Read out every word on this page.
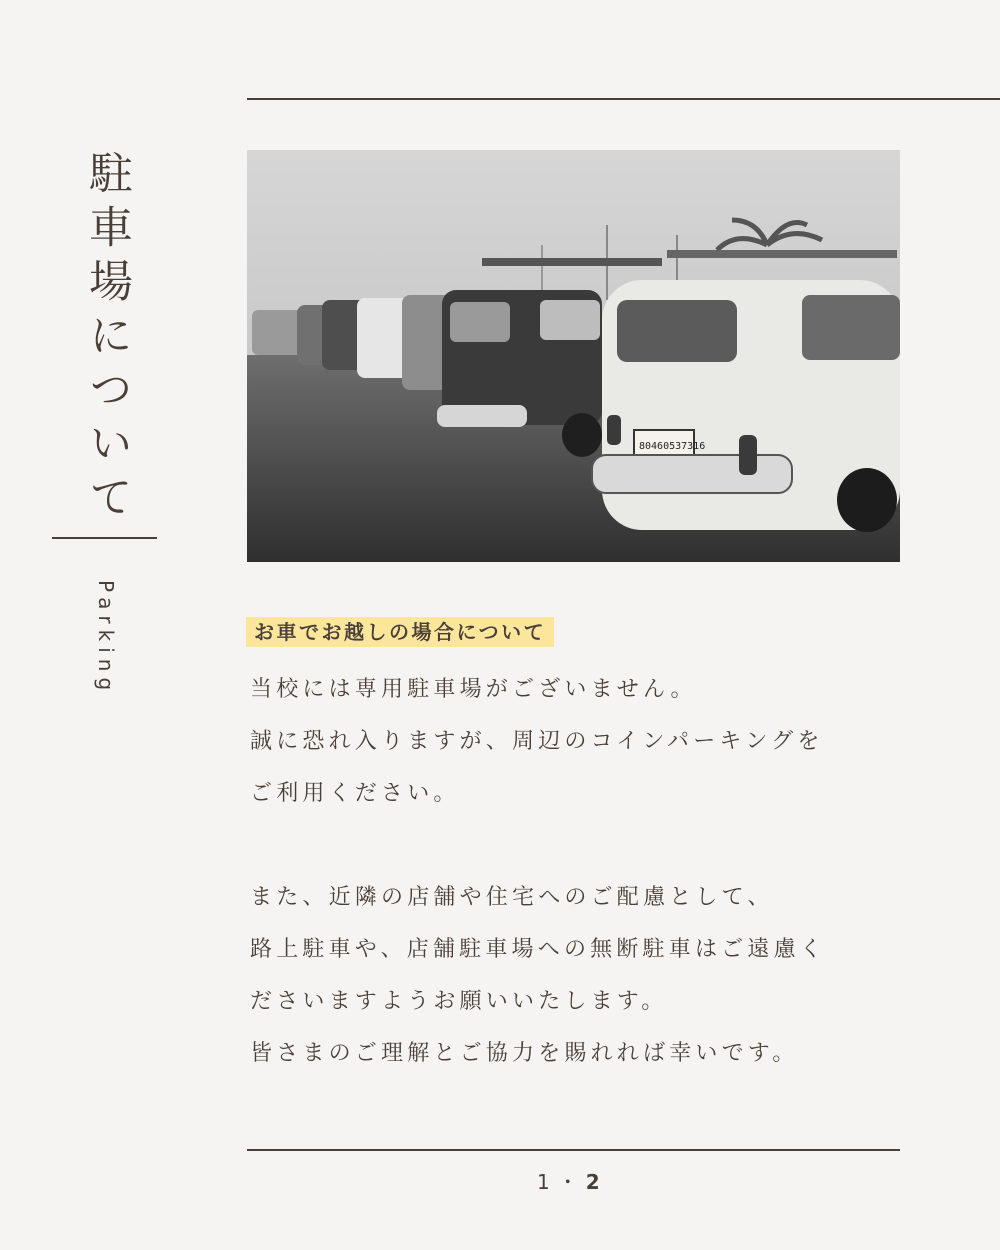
駐車場について
Parking
80460537316
お車でお越しの場合について

当校には専用駐車場がございません。

誠に恐れ入りますが、周辺のコインパーキングを

ご利用ください。

また、近隣の店舗や住宅へのご配慮として、

路上駐車や、店舗駐車場への無断駐車はご遠慮く

ださいますようお願いいたします。

皆さまのご理解とご協力を賜れれば幸いです。

1・2
